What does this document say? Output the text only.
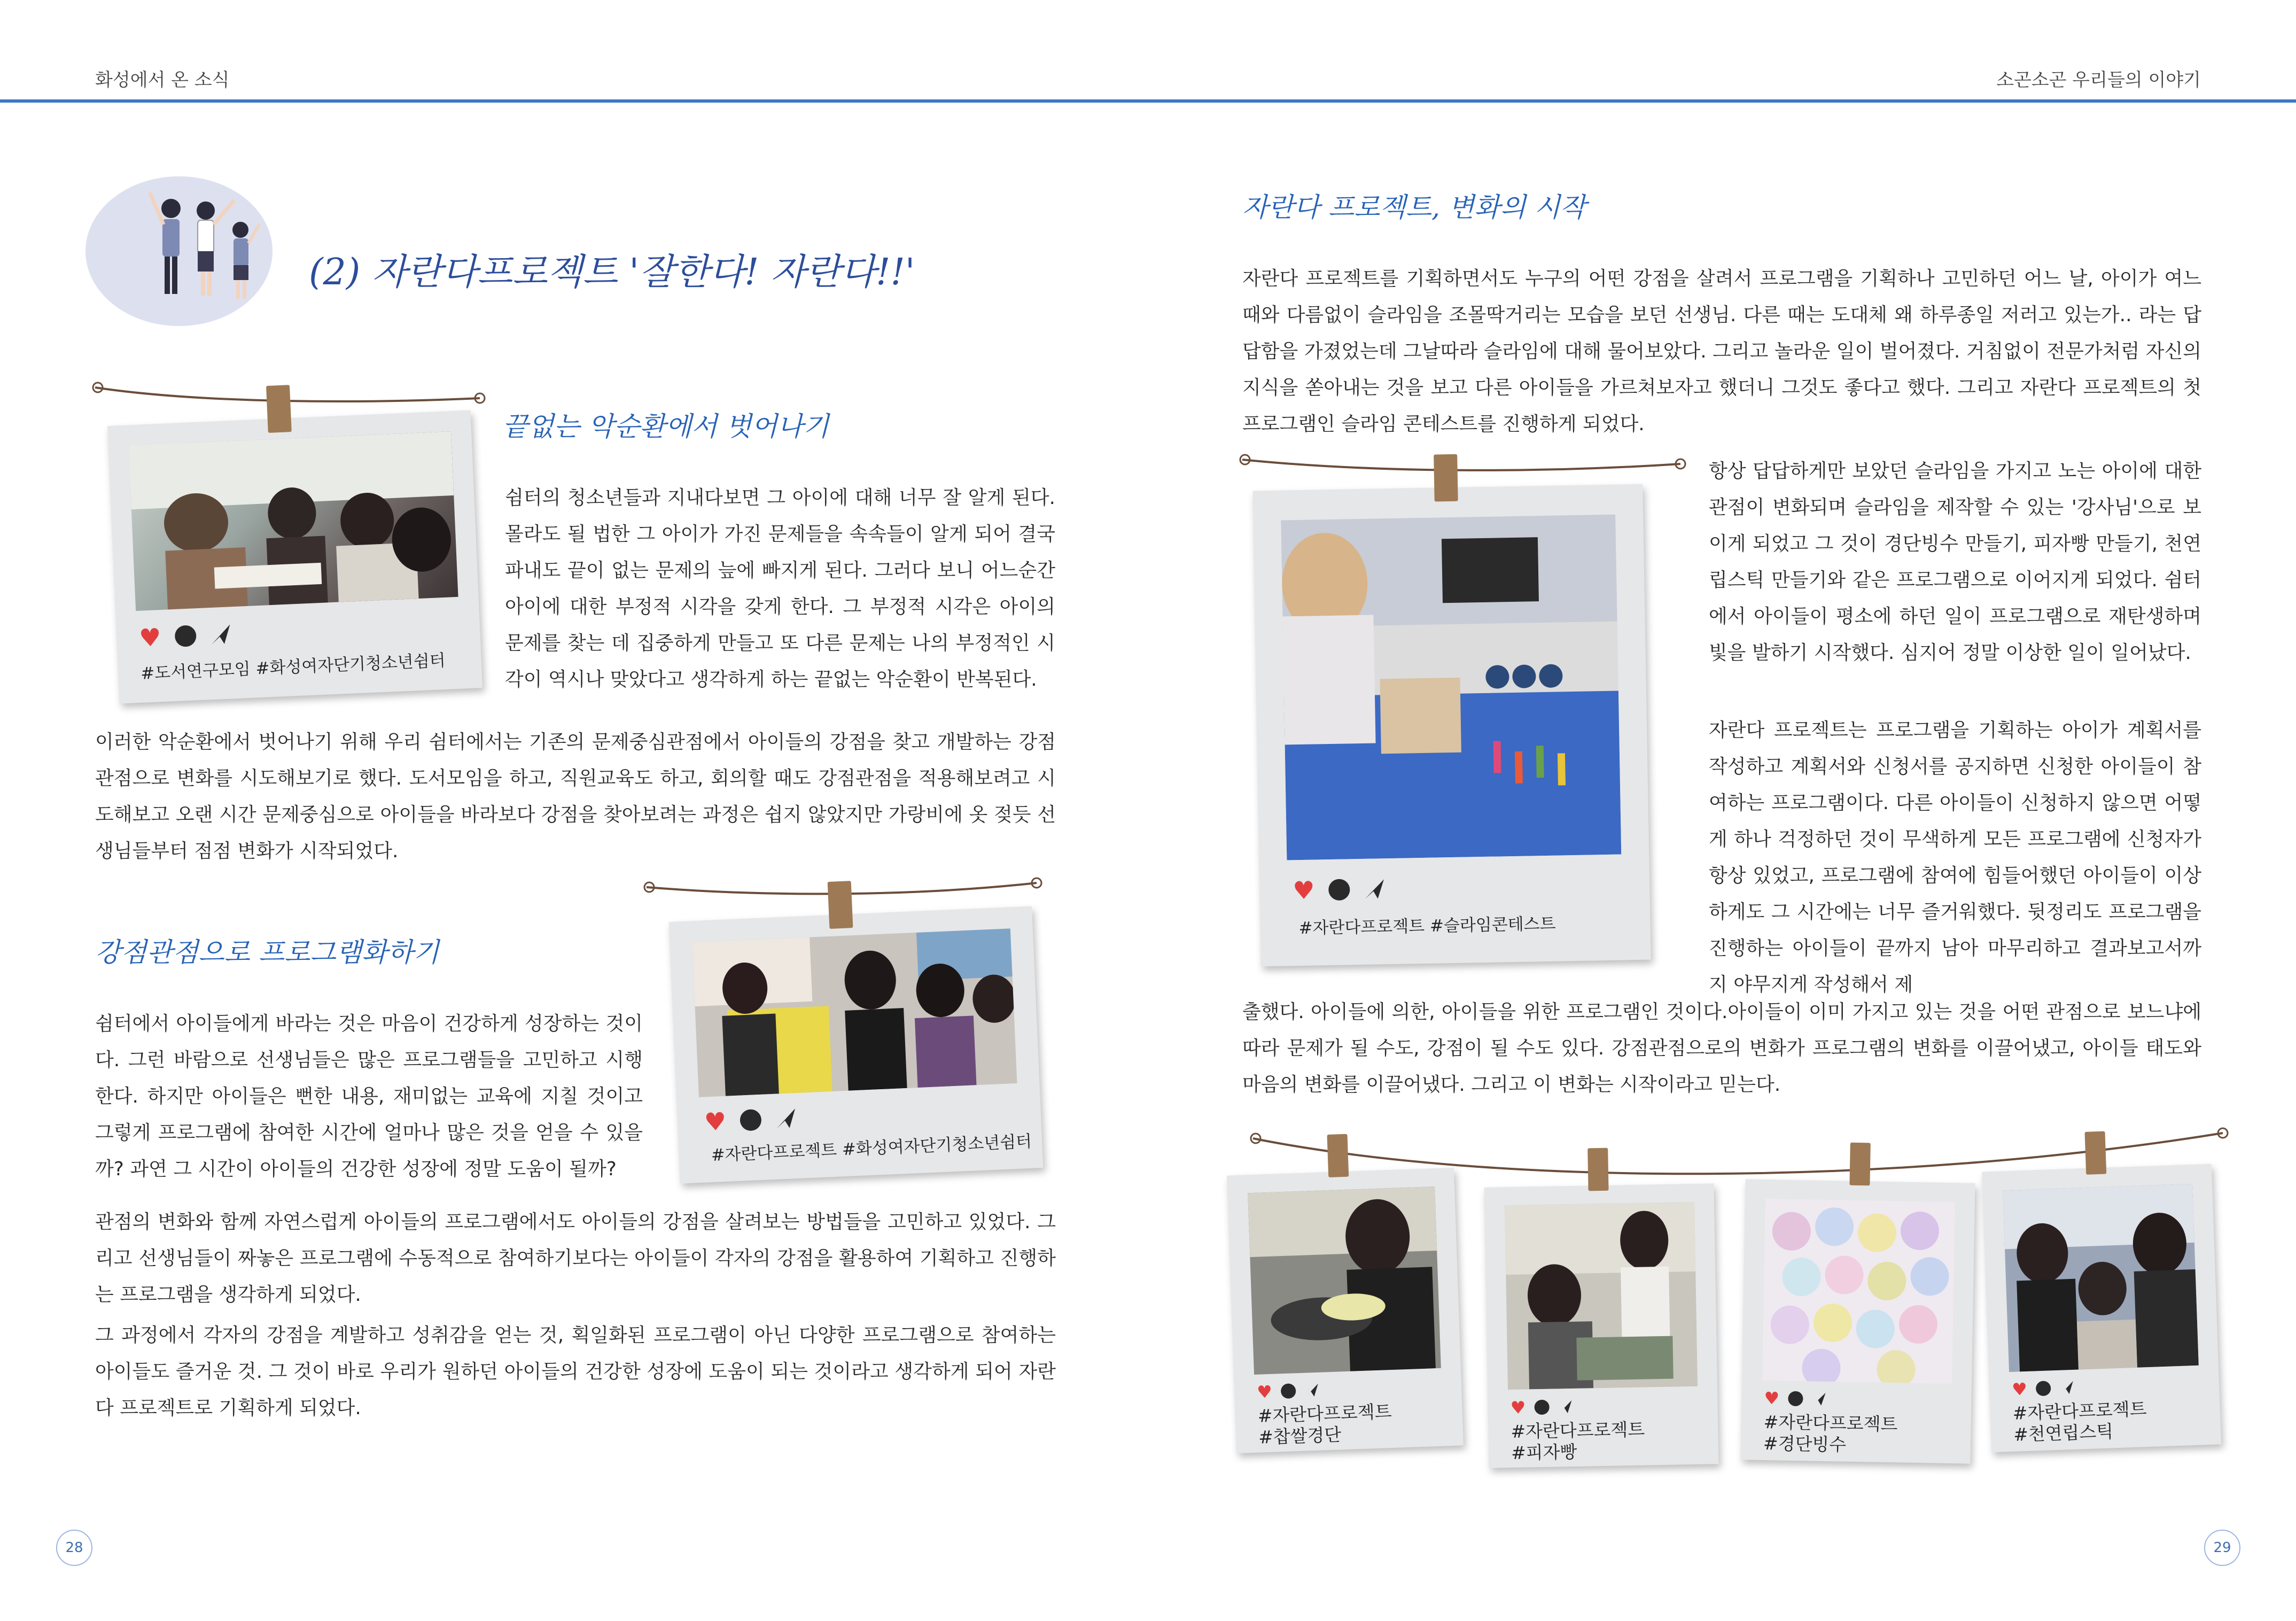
화성에서 온 소식	소곤소곤 우리들의 이야기
(2) 자란다프로젝트 '잘한다! 자란다!!'
♥
#도서연구모임 #화성여자단기청소년쉼터
끝없는 악순환에서 벗어나기

쉼터의 청소년들과 지내다보면 그 아이에 대해 너무 잘 알게 된다. 몰라도 될 법한 그 아이가 가진 문제들을 속속들이 알게 되어 결국 파내도 끝이 없는 문제의 늪에 빠지게 된다. 그러다 보니 어느순간 아이에 대한 부정적 시각을 갖게 한다. 그 부정적 시각은 아이의 문제를 찾는 데 집중하게 만들고 또 다른 문제는 나의 부정적인 시각이 역시나 맞았다고 생각하게 하는 끝없는 악순환이 반복된다.

이러한 악순환에서 벗어나기 위해 우리 쉼터에서는 기존의 문제중심관점에서 아이들의 강점을 찾고 개발하는 강점관점으로 변화를 시도해보기로 했다. 도서모임을 하고, 직원교육도 하고, 회의할 때도 강점관점을 적용해보려고 시도해보고 오랜 시간 문제중심으로 아이들을 바라보다 강점을 찾아보려는 과정은 쉽지 않았지만 가랑비에 옷 젖듯 선생님들부터 점점 변화가 시작되었다.

강점관점으로 프로그램화하기

쉼터에서 아이들에게 바라는 것은 마음이 건강하게 성장하는 것이다. 그런 바람으로 선생님들은 많은 프로그램들을 고민하고 시행한다. 하지만 아이들은 뻔한 내용, 재미없는 교육에 지칠 것이고 그렇게 프로그램에 참여한 시간에 얼마나 많은 것을 얻을 수 있을까? 과연 그 시간이 아이들의 건강한 성장에 정말 도움이 될까?

♥
#자란다프로젝트 #화성여자단기청소년쉼터

관점의 변화와 함께 자연스럽게 아이들의 프로그램에서도 아이들의 강점을 살려보는 방법들을 고민하고 있었다. 그리고 선생님들이 짜놓은 프로그램에 수동적으로 참여하기보다는 아이들이 각자의 강점을 활용하여 기획하고 진행하는 프로그램을 생각하게 되었다.

그 과정에서 각자의 강점을 계발하고 성취감을 얻는 것, 획일화된 프로그램이 아닌 다양한 프로그램으로 참여하는 아이들도 즐거운 것. 그 것이 바로 우리가 원하던 아이들의 건강한 성장에 도움이 되는 것이라고 생각하게 되어 자란다 프로젝트로 기획하게 되었다.

28
자란다 프로젝트, 변화의 시작

자란다 프로젝트를 기획하면서도 누구의 어떤 강점을 살려서 프로그램을 기획하나 고민하던 어느 날, 아이가 여느 때와 다름없이 슬라임을 조몰딱거리는 모습을 보던 선생님. 다른 때는 도대체 왜 하루종일 저러고 있는가.. 라는 답답함을 가졌었는데 그날따라 슬라임에 대해 물어보았다. 그리고 놀라운 일이 벌어졌다. 거침없이 전문가처럼 자신의 지식을 쏟아내는 것을 보고 다른 아이들을 가르쳐보자고 했더니 그것도 좋다고 했다. 그리고 자란다 프로젝트의 첫 프로그램인 슬라임 콘테스트를 진행하게 되었다.

♥
#자란다프로젝트 #슬라임콘테스트

항상 답답하게만 보았던 슬라임을 가지고 노는 아이에 대한 관점이 변화되며 슬라임을 제작할 수 있는 '강사님'으로 보이게 되었고 그 것이 경단빙수 만들기, 피자빵 만들기, 천연립스틱 만들기와 같은 프로그램으로 이어지게 되었다. 쉼터에서 아이들이 평소에 하던 일이 프로그램으로 재탄생하며 빛을 발하기 시작했다. 심지어 정말 이상한 일이 일어났다.

자란다 프로젝트는 프로그램을 기획하는 아이가 계획서를 작성하고 계획서와 신청서를 공지하면 신청한 아이들이 참여하는 프로그램이다. 다른 아이들이 신청하지 않으면 어떻게 하나 걱정하던 것이 무색하게 모든 프로그램에 신청자가 항상 있었고, 프로그램에 참여에 힘들어했던 아이들이 이상하게도 그 시간에는 너무 즐거워했다. 뒷정리도 프로그램을 진행하는 아이들이 끝까지 남아 마무리하고 결과보고서까지 야무지게 작성해서 제

출했다. 아이들에 의한, 아이들을 위한 프로그램인 것이다.아이들이 이미 가지고 있는 것을 어떤 관점으로 보느냐에 따라 문제가 될 수도, 강점이 될 수도 있다. 강점관점으로의 변화가 프로그램의 변화를 이끌어냈고, 아이들 태도와 마음의 변화를 이끌어냈다. 그리고 이 변화는 시작이라고 믿는다.

♥
#자란다프로젝트
#찹쌀경단
♥
#자란다프로젝트
#피자빵
♥
#자란다프로젝트
#경단빙수
♥
#자란다프로젝트
#천연립스틱
29
